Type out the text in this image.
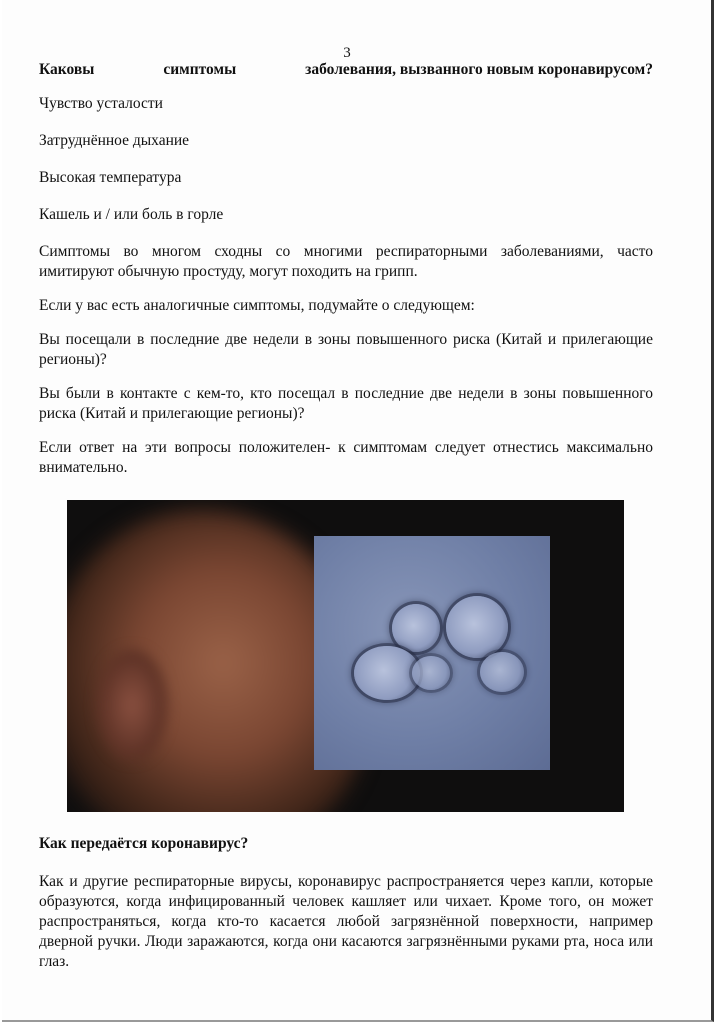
3
Каковы	симптомы	заболевания, вызванного новым коронавирусом?
Чувство усталости
Затруднённое дыхание
Высокая температура
Кашель и / или боль в горле
Симптомы во многом сходны со многими респираторными заболеваниями, часто имитируют обычную простуду, могут походить на грипп.
Если у вас есть аналогичные симптомы, подумайте о следующем:
Вы посещали в последние две недели в зоны повышенного риска (Китай и прилегающие регионы)?
Вы были в контакте с кем-то, кто посещал в последние две недели в зоны повышенного риска (Китай и прилегающие регионы)?
Если ответ на эти вопросы положителен- к симптомам следует отнестись максимально внимательно.
Как передаётся коронавирус?
Как и другие респираторные вирусы, коронавирус распространяется через капли, которые образуются, когда инфицированный человек кашляет или чихает. Кроме того, он может распространяться, когда кто-то касается любой загрязнённой поверхности, например дверной ручки. Люди заражаются, когда они касаются загрязнёнными руками рта, носа или глаз.
